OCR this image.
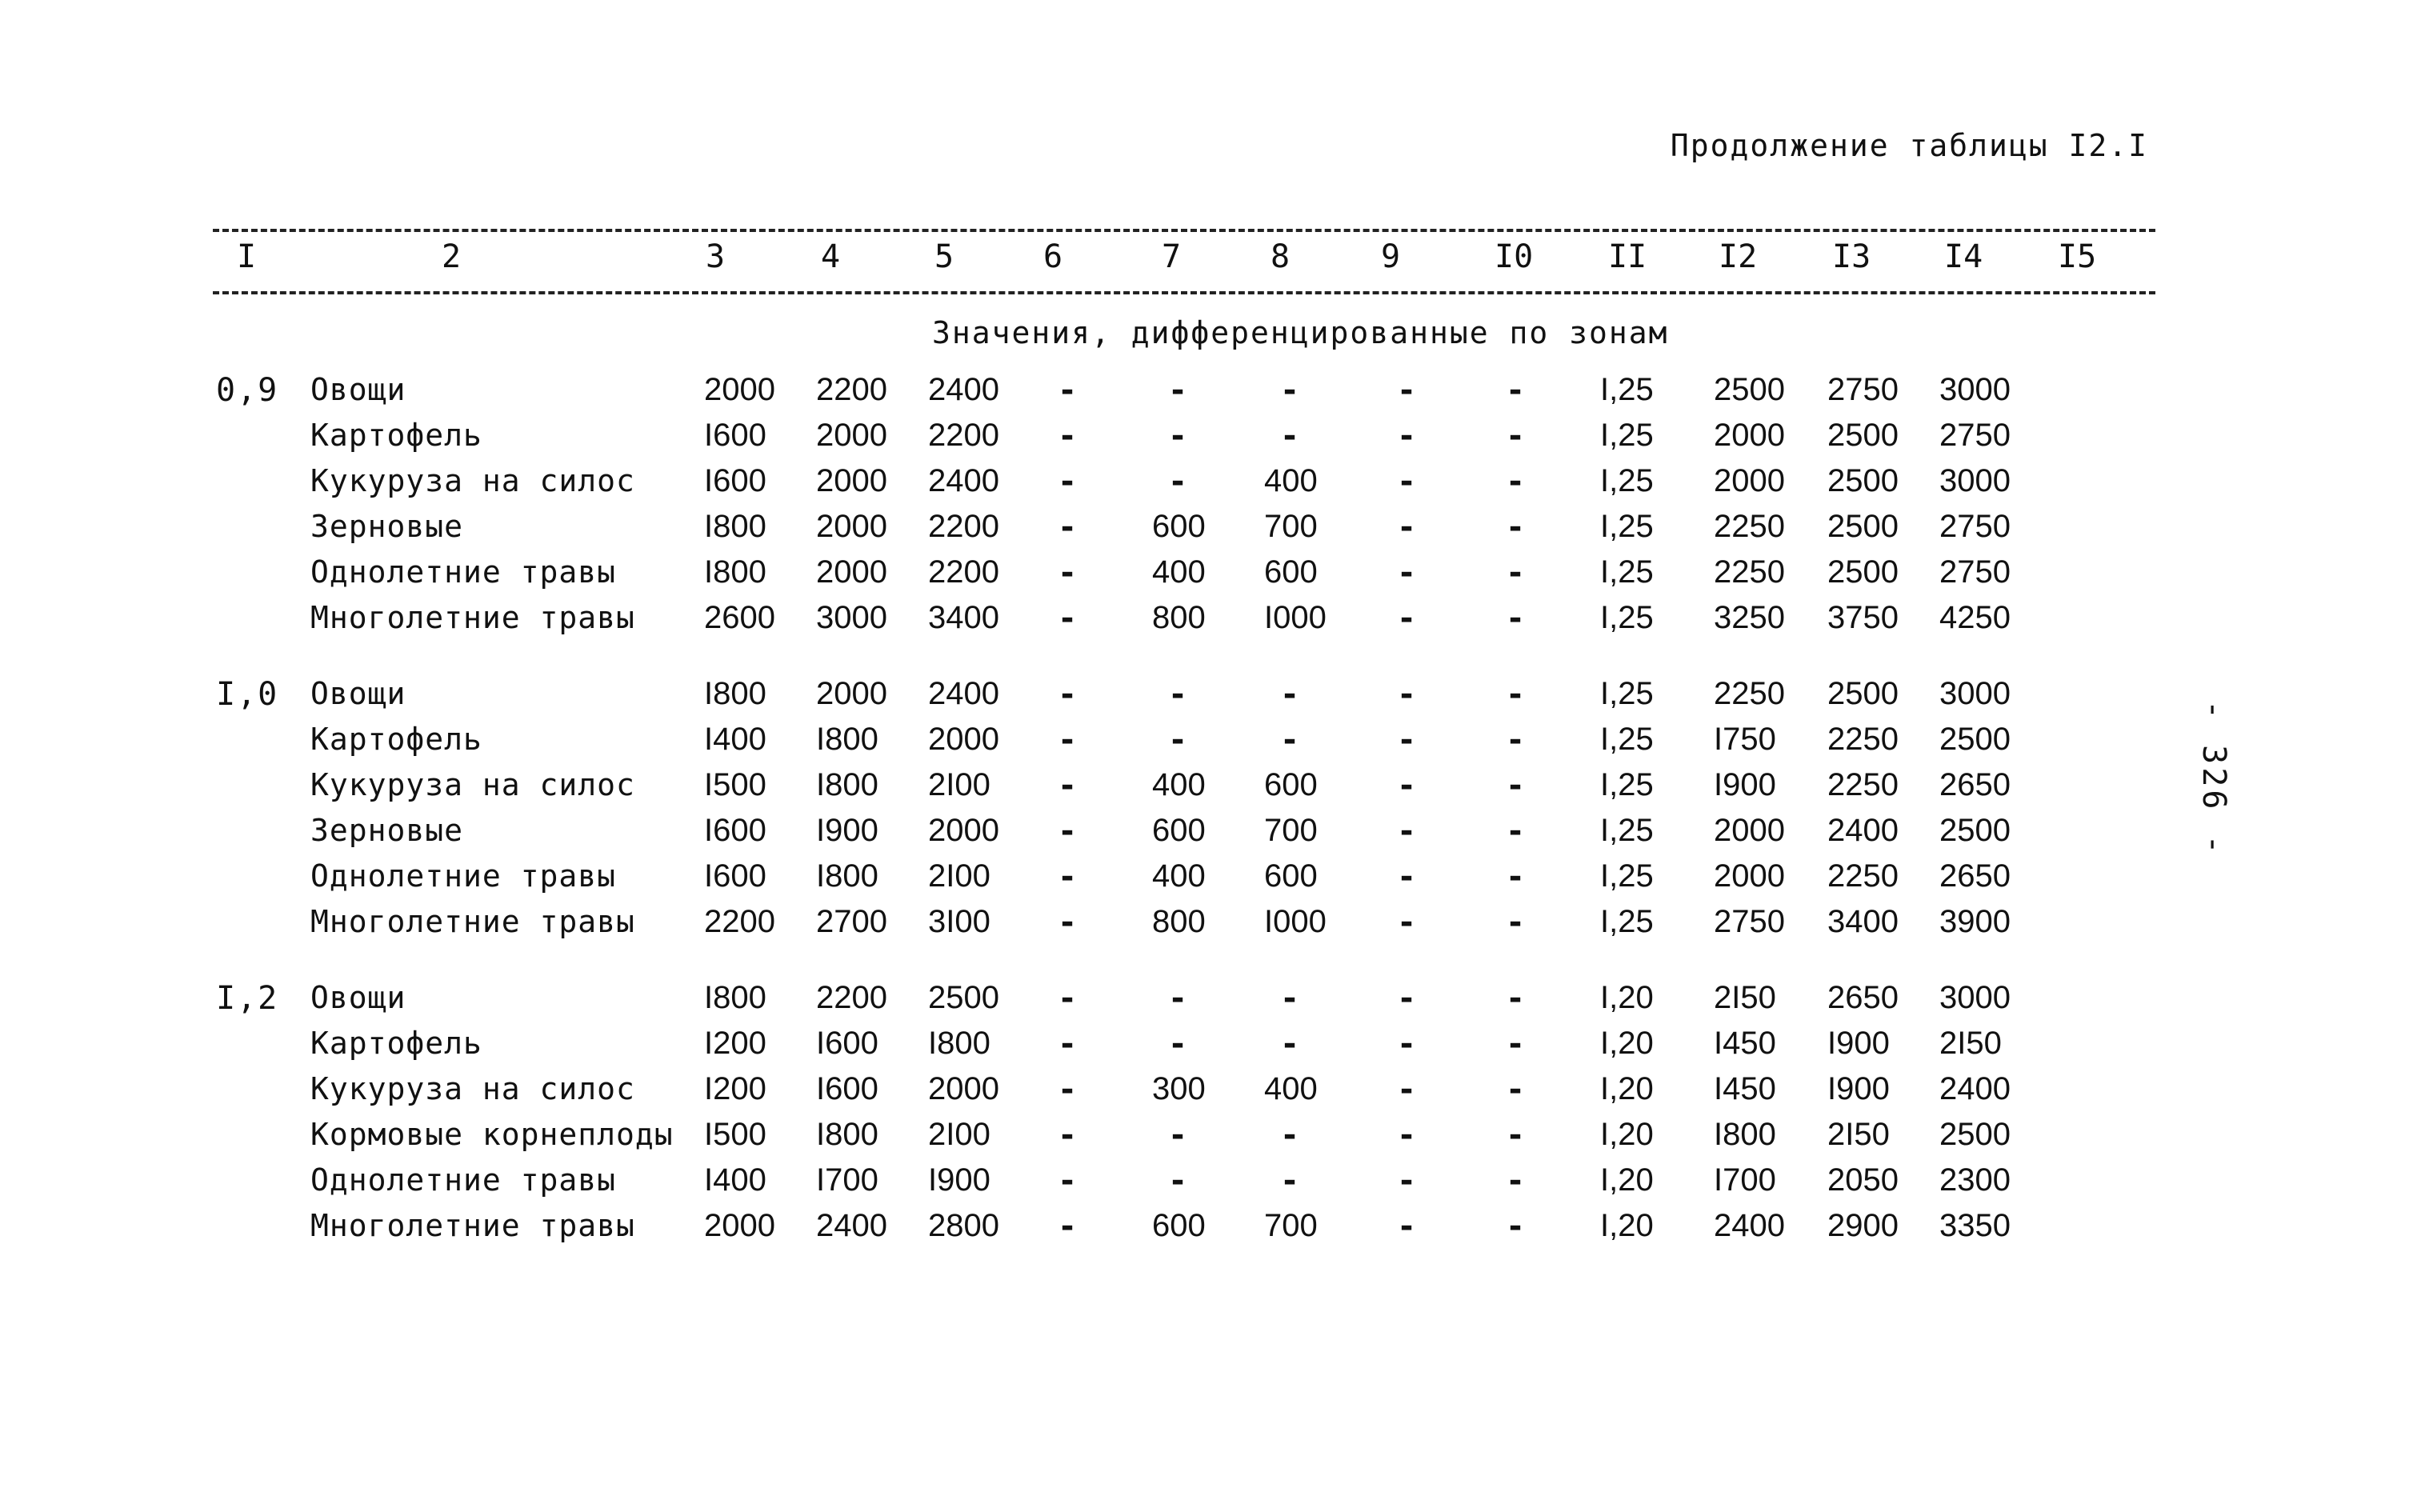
Продолжение таблицы I2.I
I	2	3	4	5	6	7	8	9	I0 II I2 I3 I4 I5
Значения, дифференцированные по зонам
0,9 Овощи	2000 2200 2400 -	-	-	-	- I,25 2500 2750 3000
Картофель	I600 2000 2200 -	-	-	-	- I,25 2000 2500 2750
Кукуруза на силос I600 2000 2400 -	- 400 -	- I,25 2000 2500 3000
Зерновые	I800 2000 2200 - 600 700 -	- I,25 2250 2500 2750
Однолетние травы	I800 2000 2200 - 400 600 -	- I,25 2250 2500 2750
Многолетние травы 2600 3000 3400 - 800 I000 -	- I,25 3250 3750 4250
I,0 Овощи	I800 2000 2400 -	-	-	-	- I,25 2250 2500 3000
Картофель	I400 I800 2000 -	-	-	-	- I,25 I750 2250 2500
Кукуруза на силос I500 I800 2I00 - 400 600 -	- I,25 I900 2250 2650
Зерновые	I600 I900 2000 - 600 700 -	- I,25 2000 2400 2500
Однолетние травы	I600 I800 2I00 - 400 600 -	- I,25 2000 2250 2650
Многолетние травы 2200 2700 3I00 - 800 I000 -	- I,25 2750 3400 3900
I,2 Овощи	I800 2200 2500 -	-	-	-	- I,20 2I50 2650 3000
Картофель	I200 I600 I800 -	-	-	-	- I,20 I450 I900 2I50
Кукуруза на силос I200 I600 2000 - 300 400 -	- I,20 I450 I900 2400
Кормовые корнеплоды I500 I800 2I00 -	-	-	-	- I,20 I800 2I50 2500
Однолетние травы	I400 I700 I900 -	-	-	-	- I,20 I700 2050 2300
Многолетние травы 2000 2400 2800 - 600 700 -	- I,20 2400 2900 3350
- 326 -
